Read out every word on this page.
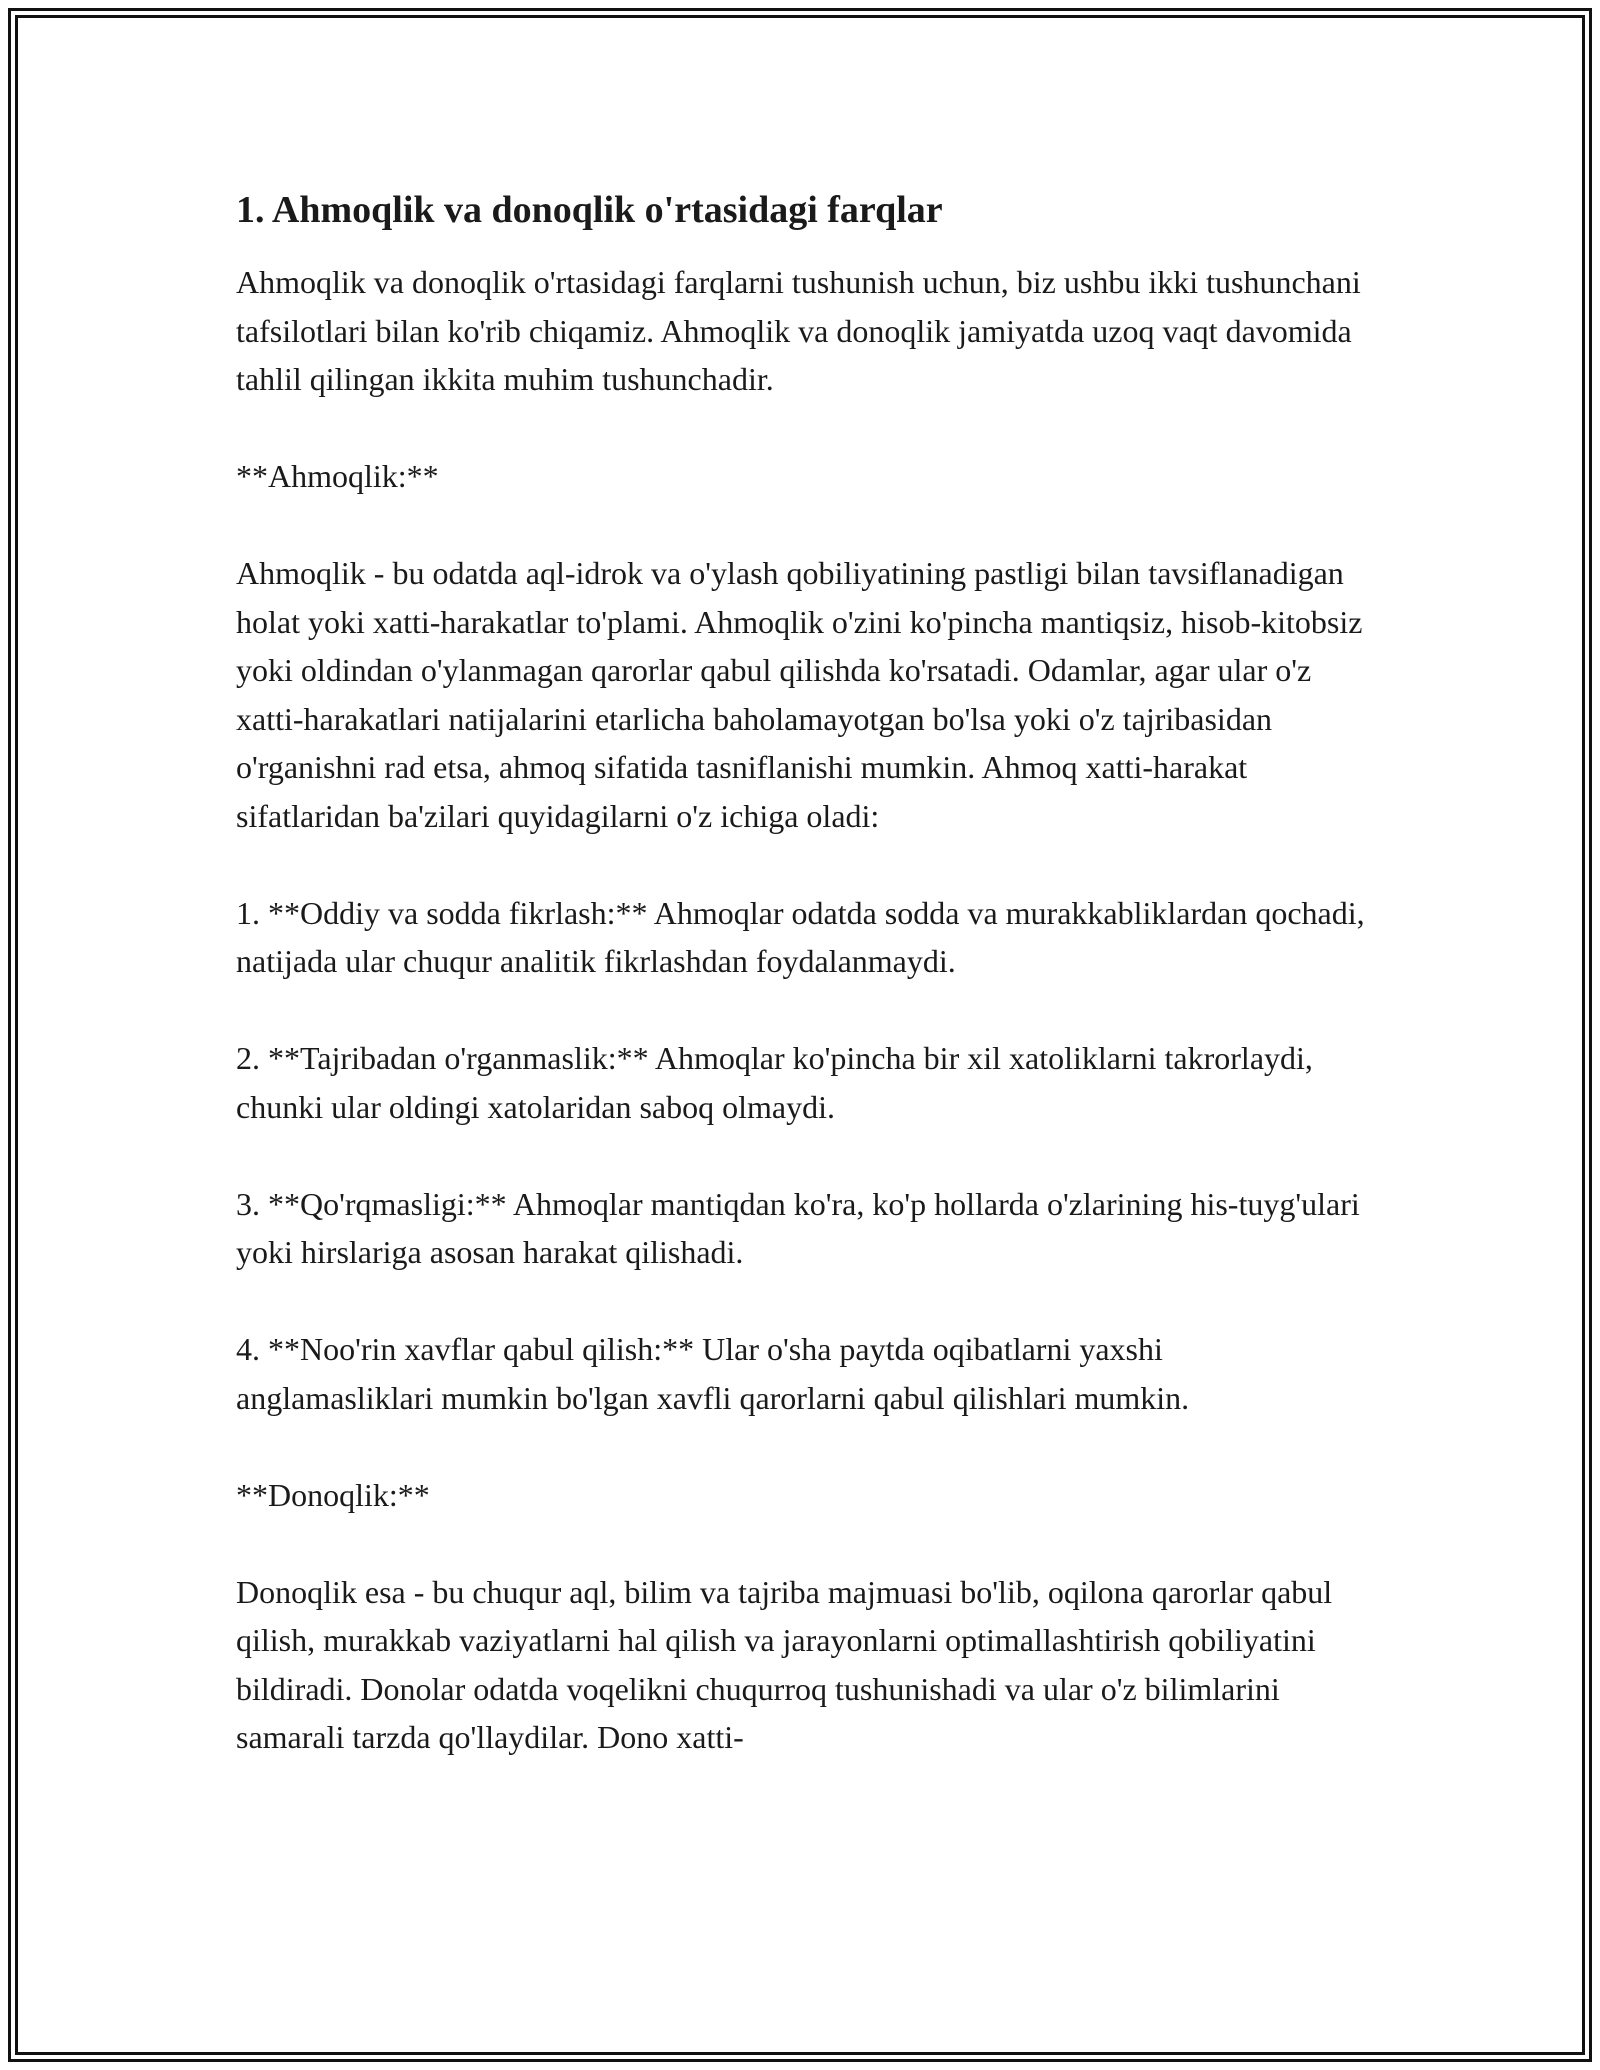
1. Ahmoqlik va donoqlik o'rtasidagi farqlar

Ahmoqlik va donoqlik o'rtasidagi farqlarni tushunish uchun, biz ushbu ikki tushunchani tafsilotlari bilan ko'rib chiqamiz. Ahmoqlik va donoqlik jamiyatda uzoq vaqt davomida tahlil qilingan ikkita muhim tushunchadir.

**Ahmoqlik:**

Ahmoqlik - bu odatda aql-idrok va o'ylash qobiliyatining pastligi bilan tavsiflanadigan holat yoki xatti-harakatlar to'plami. Ahmoqlik o'zini ko'pincha mantiqsiz, hisob-kitobsiz yoki oldindan o'ylanmagan qarorlar qabul qilishda ko'rsatadi. Odamlar, agar ular o'z xatti-harakatlari natijalarini etarlicha baholamayotgan bo'lsa yoki o'z tajribasidan o'rganishni rad etsa, ahmoq sifatida tasniflanishi mumkin. Ahmoq xatti-harakat sifatlaridan ba'zilari quyidagilarni o'z ichiga oladi:

1. **Oddiy va sodda fikrlash:** Ahmoqlar odatda sodda va murakkabliklardan qochadi, natijada ular chuqur analitik fikrlashdan foydalanmaydi.

2. **Tajribadan o'rganmaslik:** Ahmoqlar ko'pincha bir xil xatoliklarni takrorlaydi, chunki ular oldingi xatolaridan saboq olmaydi.

3. **Qo'rqmasligi:** Ahmoqlar mantiqdan ko'ra, ko'p hollarda o'zlarining his-tuyg'ulari yoki hirslariga asosan harakat qilishadi.

4. **Noo'rin xavflar qabul qilish:** Ular o'sha paytda oqibatlarni yaxshi anglamasliklari mumkin bo'lgan xavfli qarorlarni qabul qilishlari mumkin.

**Donoqlik:**

Donoqlik esa - bu chuqur aql, bilim va tajriba majmuasi bo'lib, oqilona qarorlar qabul qilish, murakkab vaziyatlarni hal qilish va jarayonlarni optimallashtirish qobiliyatini bildiradi. Donolar odatda voqelikni chuqurroq tushunishadi va ular o'z bilimlarini samarali tarzda qo'llaydilar. Dono xatti-
